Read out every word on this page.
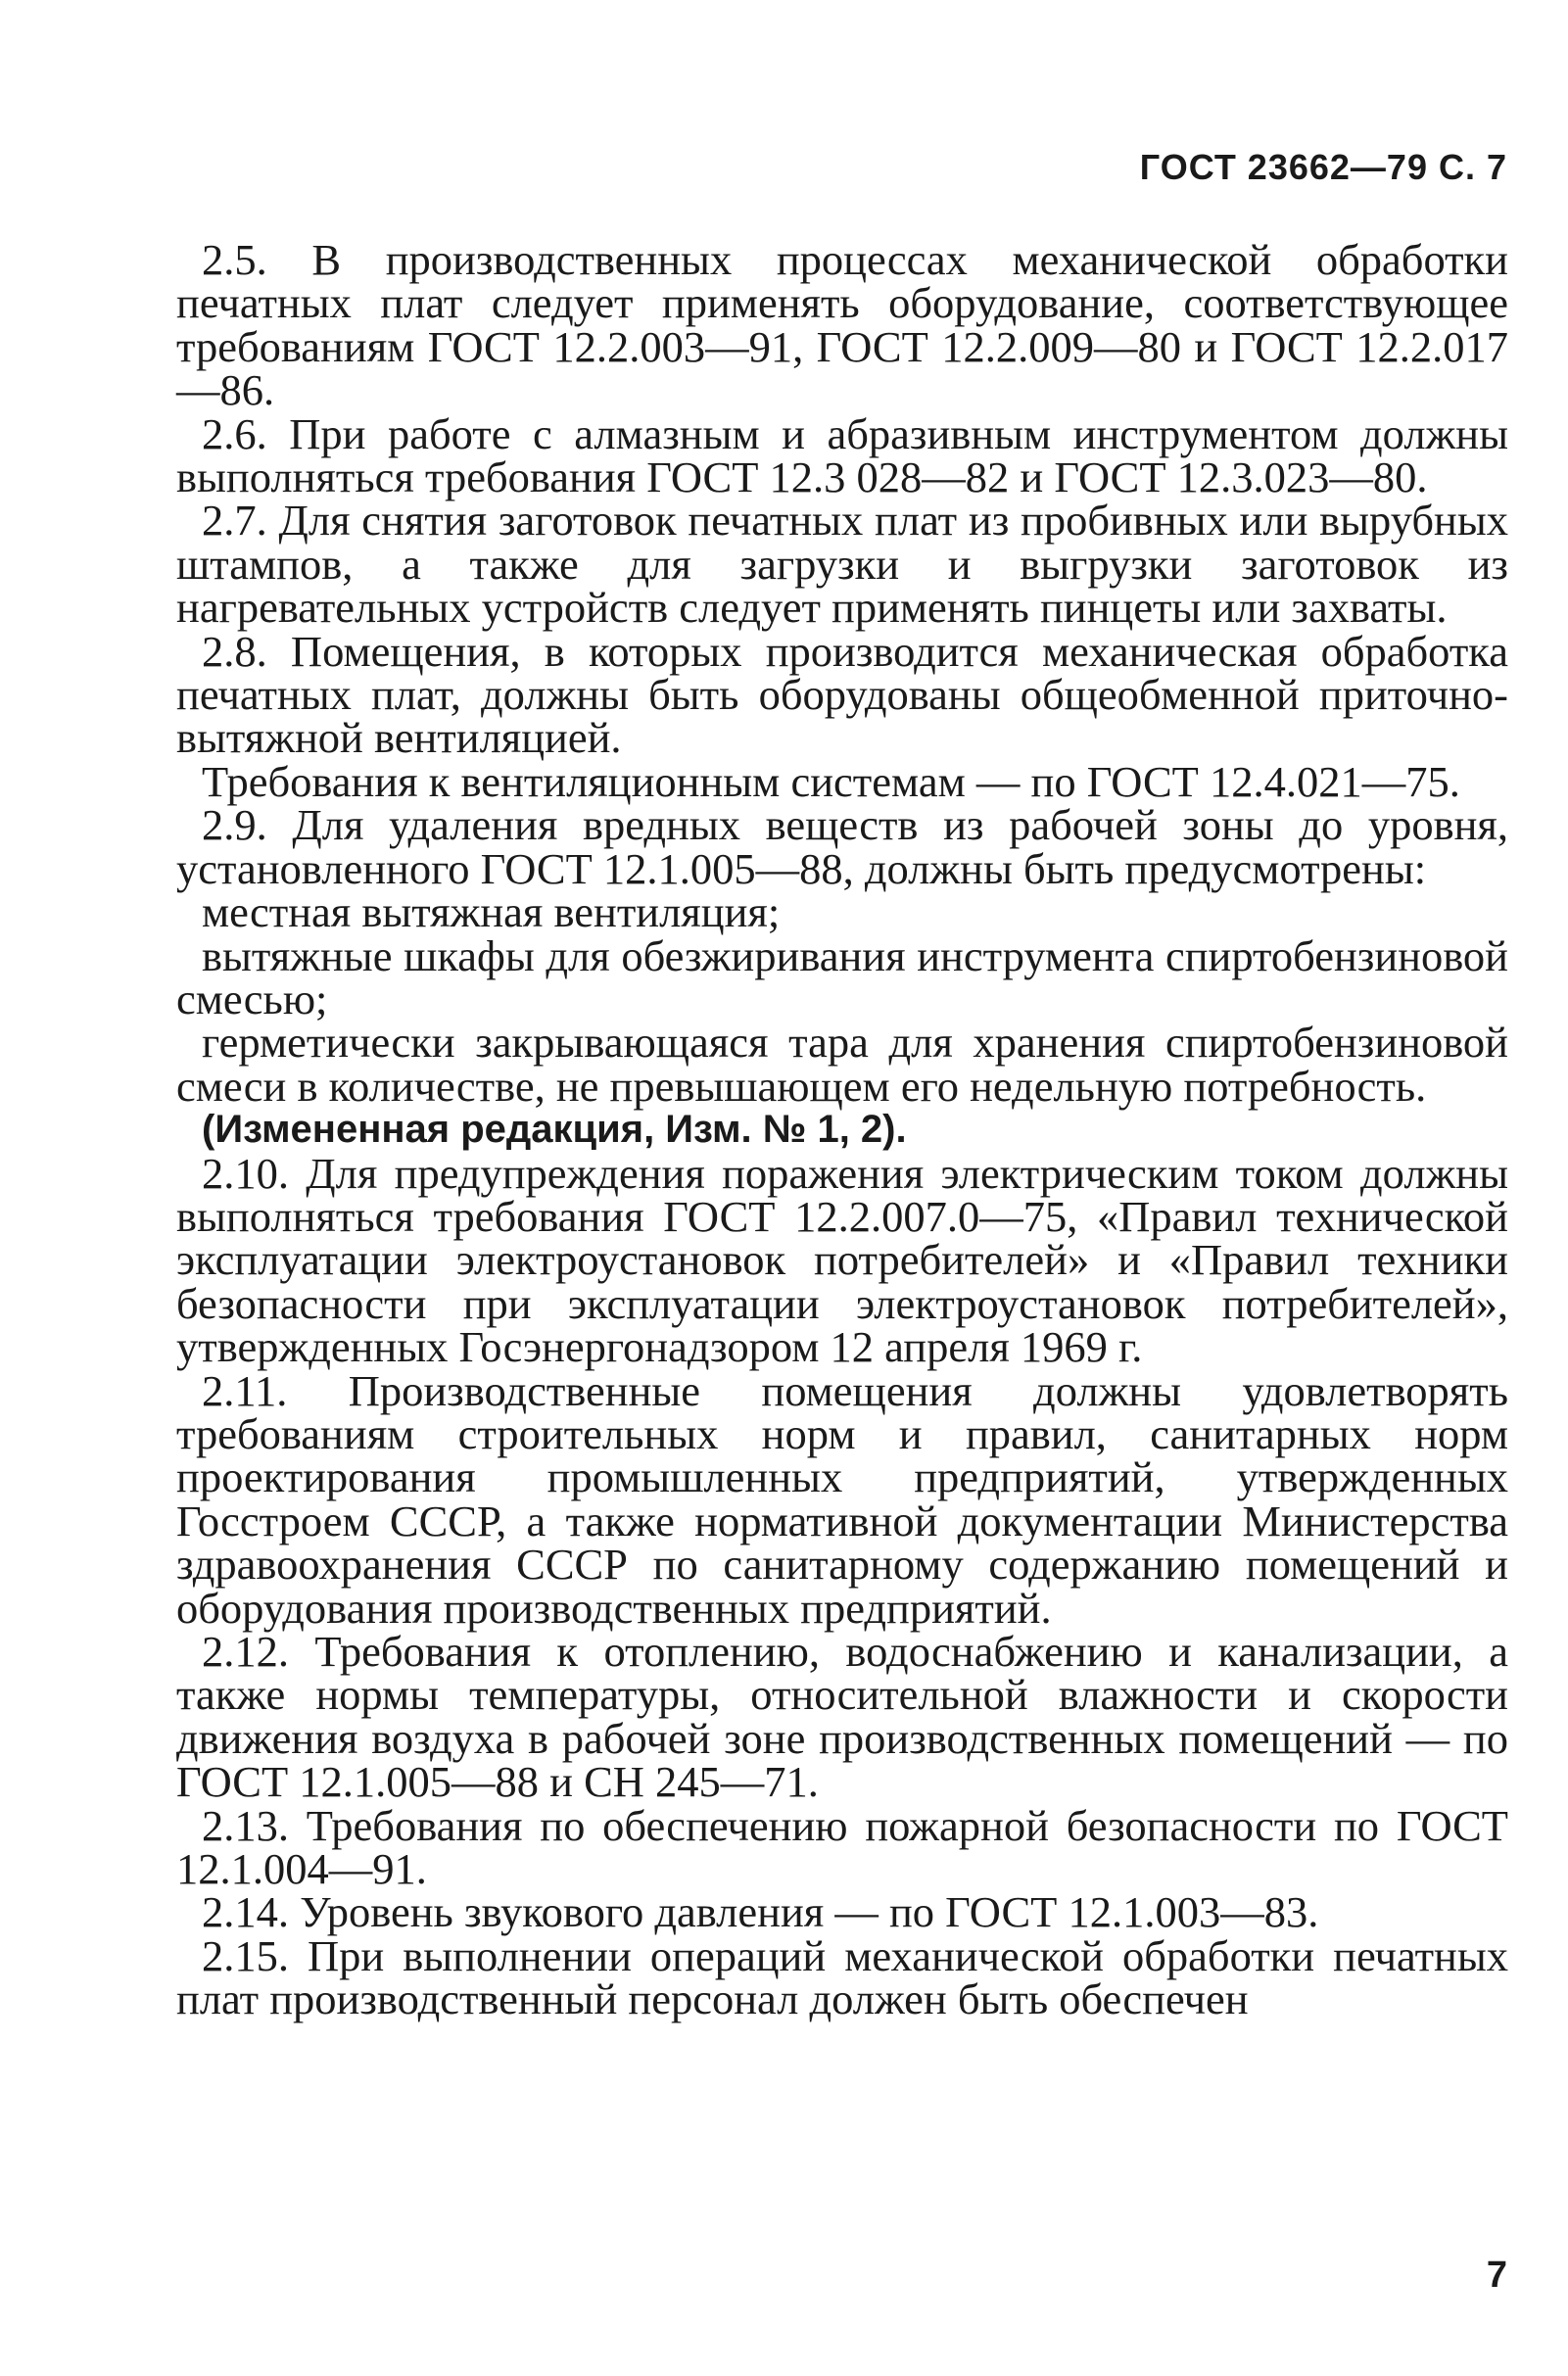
ГОСТ 23662—79 С. 7

2.5. В производственных процессах механической обработки печатных плат следует применять оборудование, соответствующее требованиям ГОСТ 12.2.003—91, ГОСТ 12.2.009—80 и ГОСТ 12.2.017—86.

2.6. При работе с алмазным и абразивным инструментом должны выполняться требования ГОСТ 12.3 028—82 и ГОСТ 12.3.023—80.

2.7. Для снятия заготовок печатных плат из пробивных или вырубных штампов, а также для загрузки и выгрузки заготовок из нагревательных устройств следует применять пинцеты или захваты.

2.8. Помещения, в которых производится механическая обработка печатных плат, должны быть оборудованы общеобменной приточно-вытяжной вентиляцией.

Требования к вентиляционным системам — по ГОСТ 12.4.021—75.

2.9. Для удаления вредных веществ из рабочей зоны до уровня, установленного ГОСТ 12.1.005—88, должны быть предусмотрены:

местная вытяжная вентиляция;

вытяжные шкафы для обезжиривания инструмента спиртобензиновой смесью;

герметически закрывающаяся тара для хранения спиртобензиновой смеси в количестве, не превышающем его недельную потребность.

(Измененная редакция, Изм. № 1, 2).

2.10. Для предупреждения поражения электрическим током должны выполняться требования ГОСТ 12.2.007.0—75, «Правил технической эксплуатации электроустановок потребителей» и «Правил техники безопасности при эксплуатации электроустановок потребителей», утвержденных Госэнергонадзором 12 апреля 1969 г.

2.11. Производственные помещения должны удовлетворять требованиям строительных норм и правил, санитарных норм проектирования промышленных предприятий, утвержденных Госстроем СССР, а также нормативной документации Министерства здравоохранения СССР по санитарному содержанию помещений и оборудования производственных предприятий.

2.12. Требования к отоплению, водоснабжению и канализации, а также нормы температуры, относительной влажности и скорости движения воздуха в рабочей зоне производственных помещений — по ГОСТ 12.1.005—88 и СН 245—71.

2.13. Требования по обеспечению пожарной безопасности по ГОСТ 12.1.004—91.

2.14. Уровень звукового давления — по ГОСТ 12.1.003—83.

2.15. При выполнении операций механической обработки печатных плат производственный персонал должен быть обеспечен

7
